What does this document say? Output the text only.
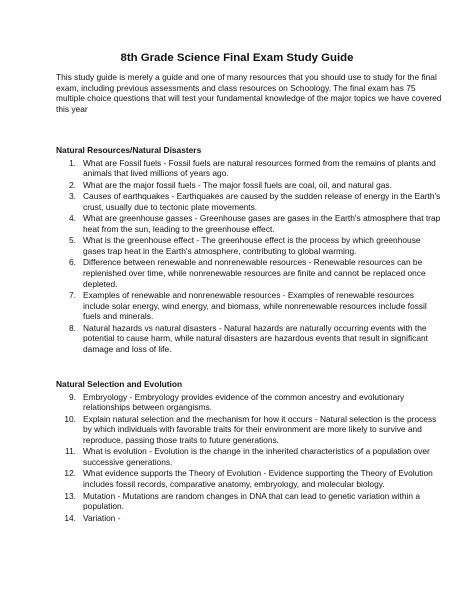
8th Grade Science Final Exam Study Guide

This study guide is merely a guide and one of many resources that you should use to study for the final exam, including previous assessments and class resources on Schoology. The final exam has 75 multiple choice questions that will test your fundamental knowledge of the major topics we have covered this year

Natural Resources/Natural Disasters
1. What are Fossil fuels - Fossil fuels are natural resources formed from the remains of plants and animals that lived millions of years ago.
2. What are the major fossil fuels - The major fossil fuels are coal, oil, and natural gas.
3. Causes of earthquakes - Earthquakes are caused by the sudden release of energy in the Earth's crust, usually due to tectonic plate movements.
4. What are greenhouse gasses - Greenhouse gases are gases in the Earth's atmosphere that trap heat from the sun, leading to the greenhouse effect.
5. What is the greenhouse effect - The greenhouse effect is the process by which greenhouse gases trap heat in the Earth's atmosphere, contributing to global warming.
6. Difference between renewable and nonrenewable resources - Renewable resources can be replenished over time, while nonrenewable resources are finite and cannot be replaced once depleted.
7. Examples of renewable and nonrenewable resources - Examples of renewable resources include solar energy, wind energy, and biomass, while nonrenewable resources include fossil fuels and minerals.
8. Natural hazards vs natural disasters - Natural hazards are naturally occurring events with the potential to cause harm, while natural disasters are hazardous events that result in significant damage and loss of life.
Natural Selection and Evolution
9. Embryology - Embryology provides evidence of the common ancestry and evolutionary relationships between organgisms.
10. Explain natural selection and the mechanism for how it occurs - Natural selection is the process by which individuals with favorable traits for their environment are more likely to survive and reproduce, passing those traits to future generations.
11. What is evolution - Evolution is the change in the inherited characteristics of a population over successive generations.
12. What evidence supports the Theory of Evolution - Evidence supporting the Theory of Evolution includes fossil records, comparative anatomy, embryology, and molecular biology.
13. Mutation - Mutations are random changes in DNA that can lead to genetic variation within a population.
14. Variation -
